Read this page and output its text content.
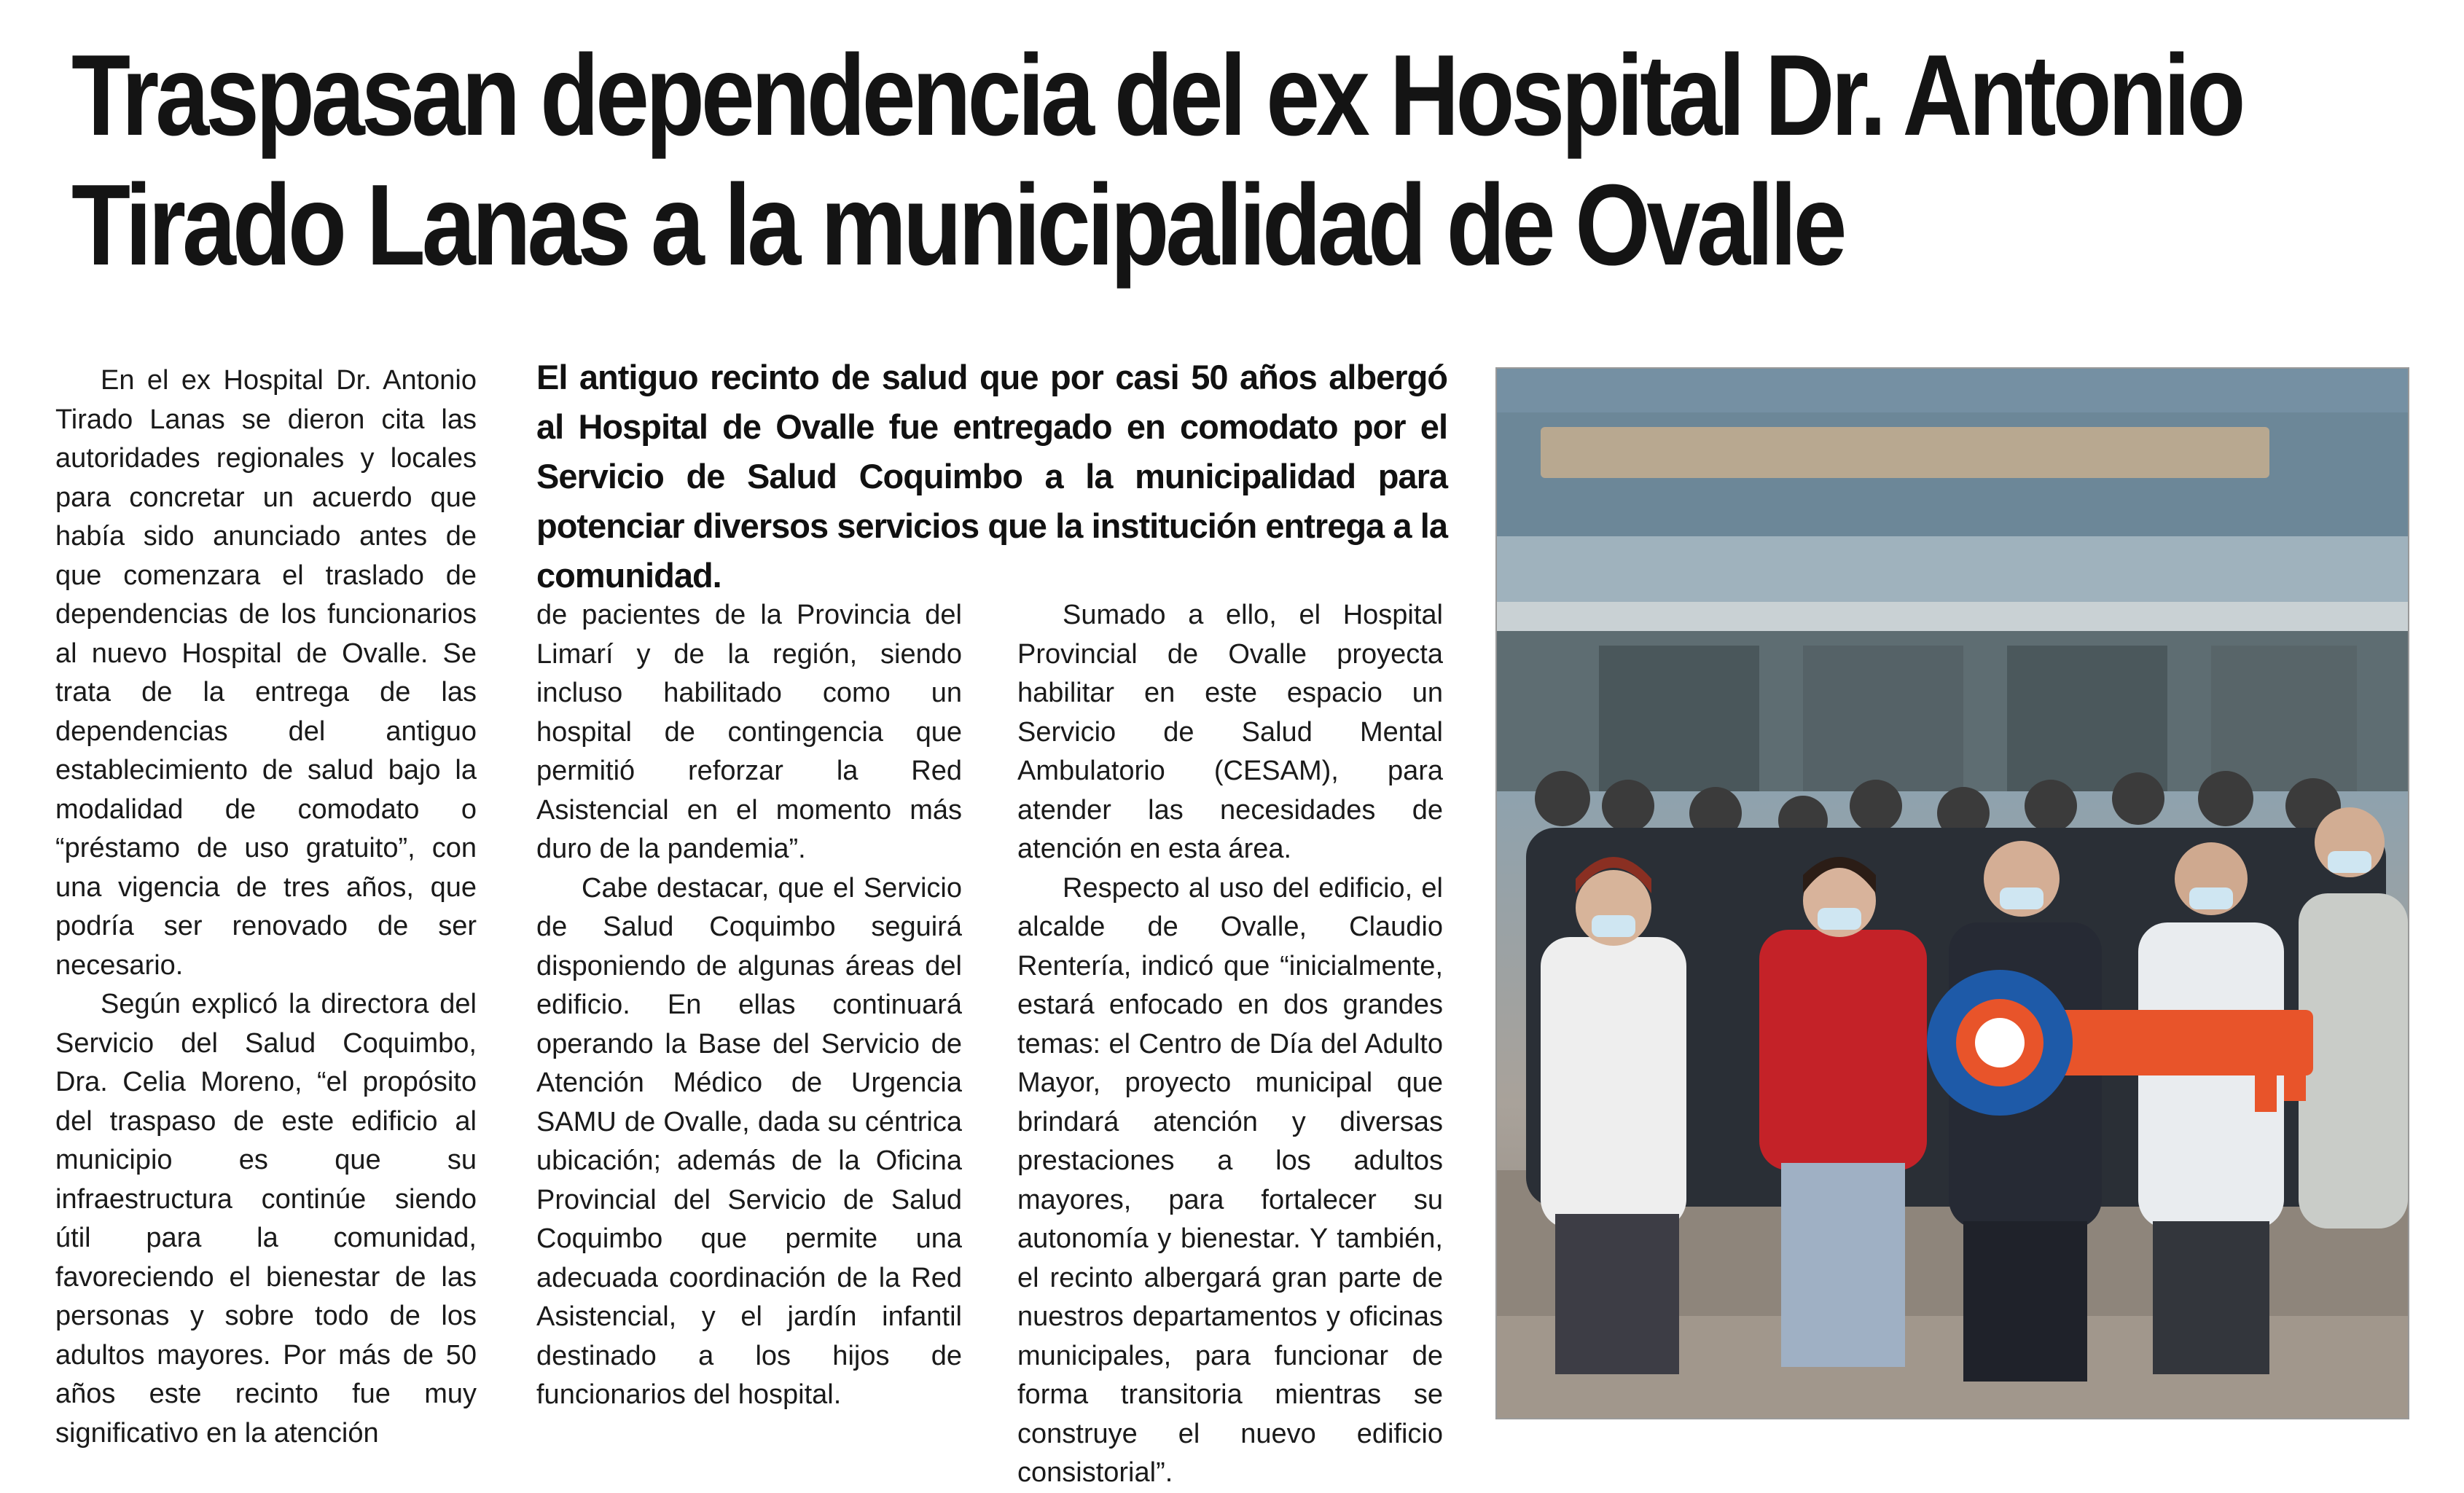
Traspasan dependencia del ex Hospital Dr. Antonio
Tirado Lanas a la municipalidad de Ovalle

En el ex Hospital Dr. Antonio Tirado Lanas se dieron cita las autoridades regionales y locales para concretar un acuerdo que había sido anunciado antes de que comenzara el traslado de dependencias de los funcionarios al nuevo Hospital de Ovalle. Se trata de la entrega de las dependencias del antiguo establecimiento de salud bajo la modalidad de comodato o “préstamo de uso gratuito”, con una vigencia de tres años, que podría ser renovado de ser necesario.

Según explicó la directora del Servicio del Salud Coquimbo, Dra. Celia Moreno, “el propósito del traspaso de este edificio al municipio es que su infraestructura continúe siendo útil para la comunidad, favoreciendo el bienestar de las personas y sobre todo de los adultos mayores. Por más de 50 años este recinto fue muy significativo en la atención

El antiguo recinto de salud que por casi 50 años albergó al Hospital de Ovalle fue entregado en comodato por el Servicio de Salud Coquimbo a la municipalidad para potenciar diversos servicios que la institución entrega a la comunidad.

de pacientes de la Provincia del Limarí y de la región, siendo incluso habilitado como un hospital de contingencia que permitió reforzar la Red Asistencial en el momento más duro de la pandemia”.

Cabe destacar, que el Servicio de Salud Coquimbo seguirá disponiendo de algunas áreas del edificio. En ellas continuará operando la Base del Servicio de Atención Médico de Urgencia SAMU de Ovalle, dada su céntrica ubicación; además de la Oficina Provincial del Servicio de Salud Coquimbo que permite una adecuada coordinación de la Red Asistencial, y el jardín infantil destinado a los hijos de funcionarios del hospital.

Sumado a ello, el Hospital Provincial de Ovalle proyecta habilitar en este espacio un Servicio de Salud Mental Ambulatorio (CESAM), para atender las necesidades de atención en esta área.

Respecto al uso del edificio, el alcalde de Ovalle, Claudio Rentería, indicó que “inicialmente, estará enfocado en dos grandes temas: el Centro de Día del Adulto Mayor, proyecto municipal que brindará atención y diversas prestaciones a los adultos mayores, para fortalecer su autonomía y bienestar. Y también, el recinto albergará gran parte de nuestros departamentos y oficinas municipales, para funcionar de forma transitoria mientras se construye el nuevo edificio consistorial”.
